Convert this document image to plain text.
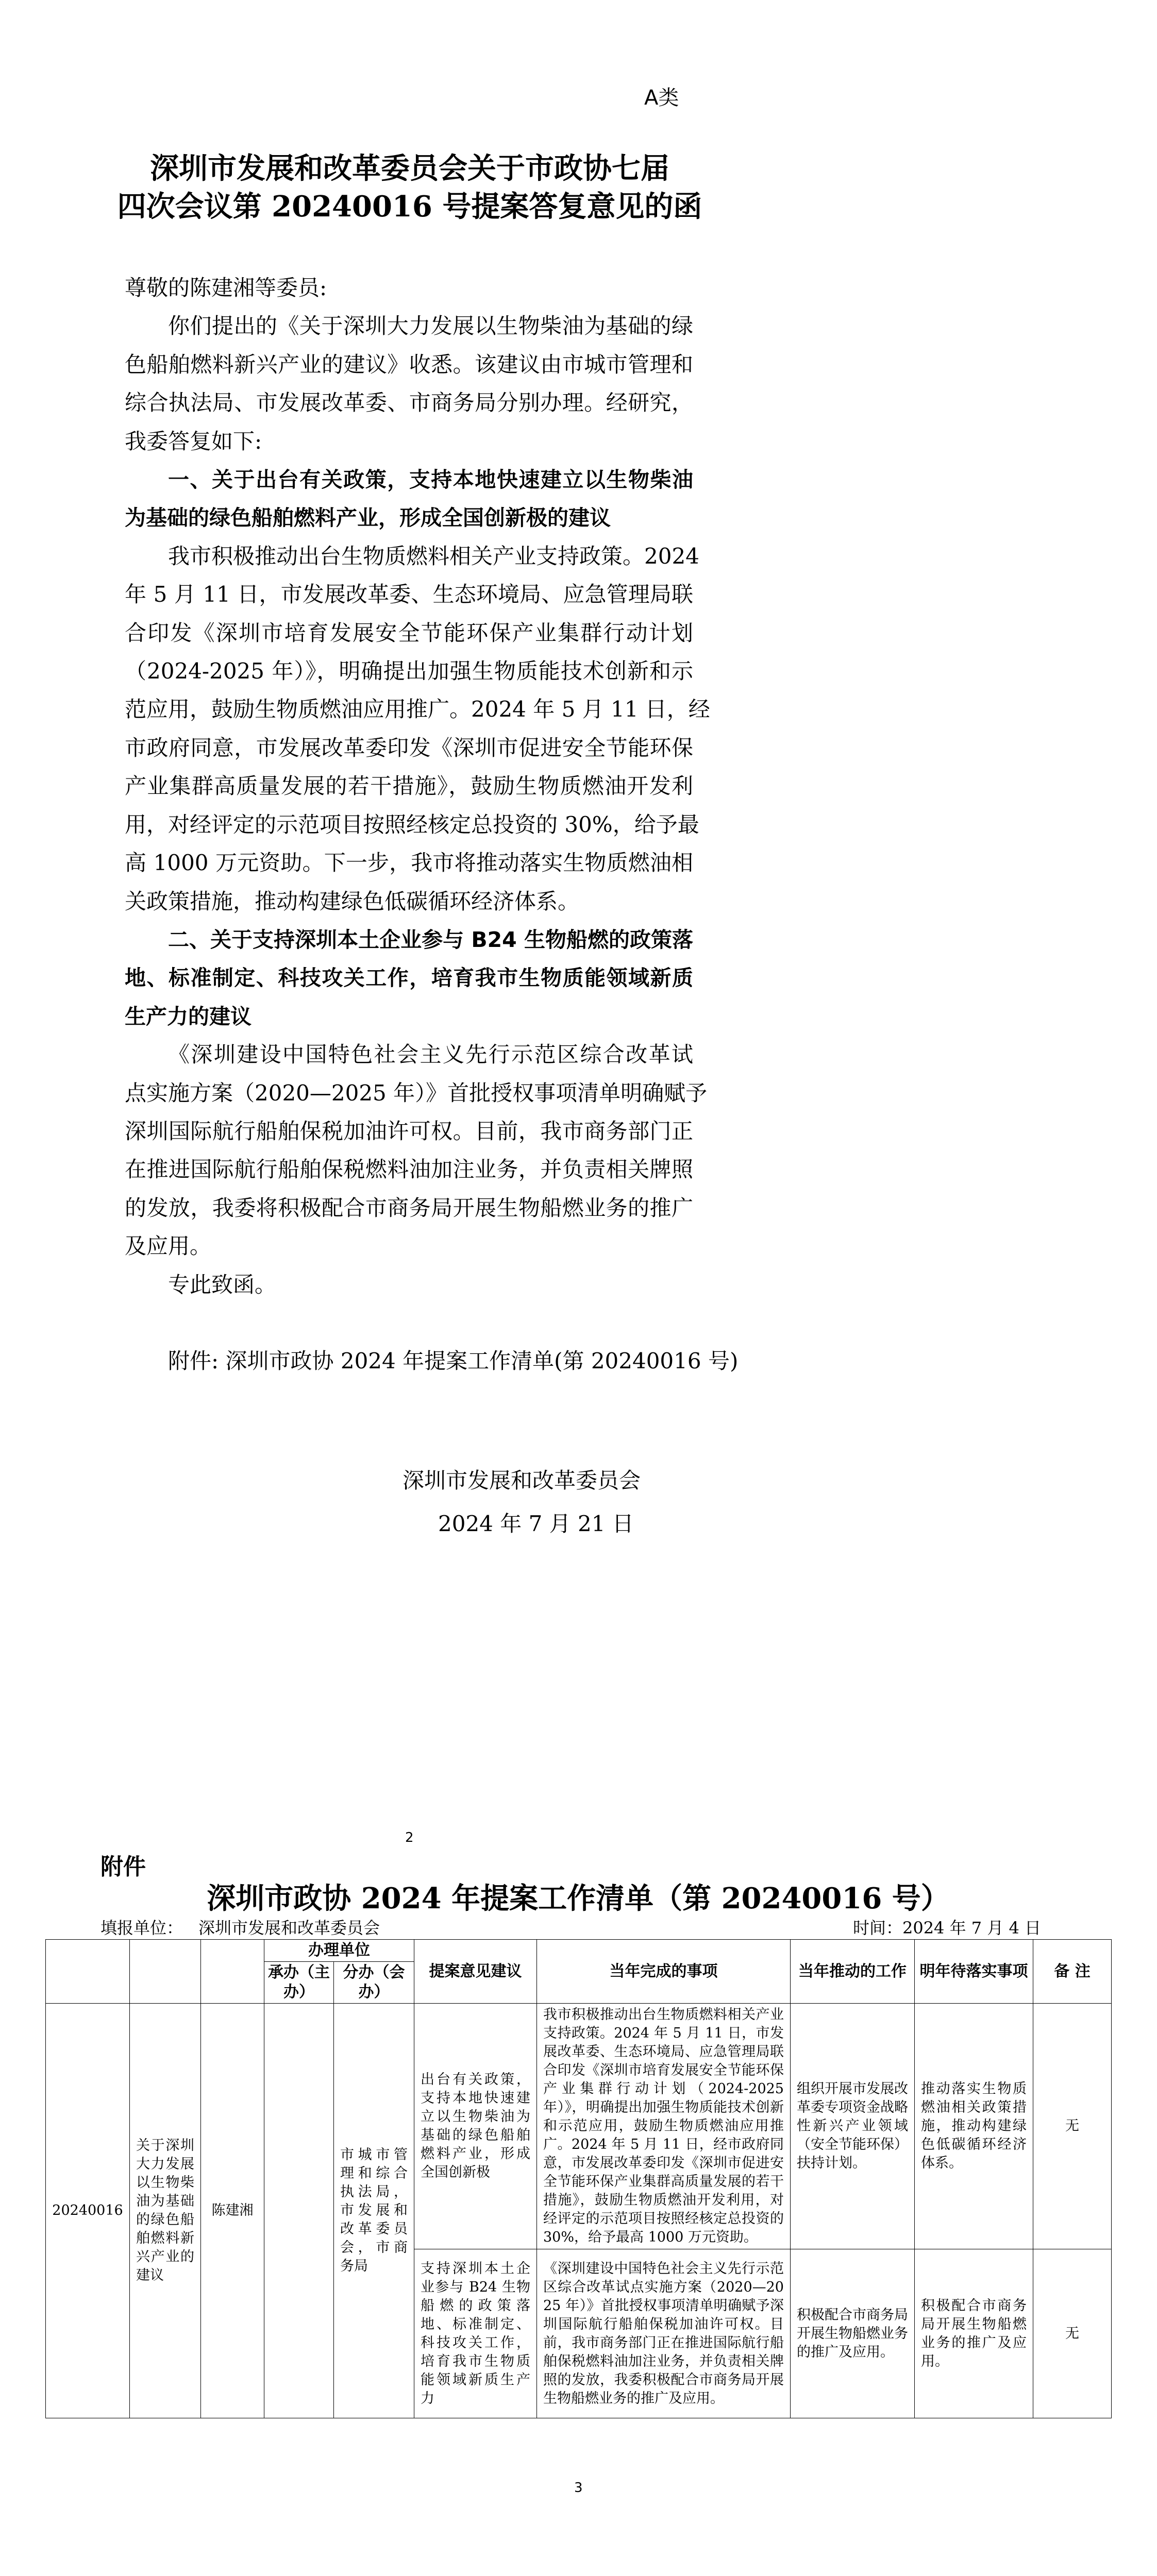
A类
深圳市发展和改革委员会关于市政协七届
四次会议第 20240016 号提案答复意见的函
尊敬的陈建湘等委员:
你们提出的《关于深圳大力发展以生物柴油为基础的绿
色船舶燃料新兴产业的建议》收悉。该建议由市城市管理和
综合执法局、市发展改革委、市商务局分别办理。经研究，
我委答复如下:
一、关于出台有关政策，支持本地快速建立以生物柴油
为基础的绿色船舶燃料产业，形成全国创新极的建议
我市积极推动出台生物质燃料相关产业支持政策。2024
年 5 月 11 日，市发展改革委、生态环境局、应急管理局联
合印发《深圳市培育发展安全节能环保产业集群行动计划
（2024-2025 年）》，明确提出加强生物质能技术创新和示
范应用，鼓励生物质燃油应用推广。2024 年 5 月 11 日，经
市政府同意，市发展改革委印发《深圳市促进安全节能环保
产业集群高质量发展的若干措施》，鼓励生物质燃油开发利
用，对经评定的示范项目按照经核定总投资的 30%，给予最
高 1000 万元资助。下一步，我市将推动落实生物质燃油相
关政策措施，推动构建绿色低碳循环经济体系。
二、关于支持深圳本土企业参与 B24 生物船燃的政策落
地、标准制定、科技攻关工作，培育我市生物质能领域新质
生产力的建议
《深圳建设中国特色社会主义先行示范区综合改革试
点实施方案（2020—2025 年）》首批授权事项清单明确赋予
深圳国际航行船舶保税加油许可权。目前，我市商务部门正
在推进国际航行船舶保税燃料油加注业务，并负责相关牌照
的发放，我委将积极配合市商务局开展生物船燃业务的推广
及应用。
专此致函。
附件: 深圳市政协 2024 年提案工作清单(第 20240016 号)
深圳市发展和改革委员会
2024 年 7 月 21 日
2
附件
深圳市政协 2024 年提案工作清单（第 20240016 号）
填报单位： 深圳市发展和改革委员会	时间：2024 年 7 月 4 日
			办理单位		提案意见建议	当年完成的事项	当年推动的工作	明年待落实事项	备 注
			承办（主办）	分办（会办）					
20240016	关于深圳大力发展以生物柴油为基础的绿色船舶燃料新兴产业的建议	陈建湘		市城市管理和综合执法局，市发展和改革委员会，市商务局	出台有关政策，支持本地快速建立以生物柴油为基础的绿色船舶燃料产业，形成全国创新极	我市积极推动出台生物质燃料相关产业支持政策。2024 年 5 月 11 日，市发展改革委、生态环境局、应急管理局联合印发《深圳市培育发展安全节能环保产业集群行动计划（2024-2025 年）》，明确提出加强生物质能技术创新和示范应用，鼓励生物质燃油应用推广。2024 年 5 月 11 日，经市政府同意，市发展改革委印发《深圳市促进安全节能环保产业集群高质量发展的若干措施》，鼓励生物质燃油开发利用，对经评定的示范项目按照经核定总投资的 30%，给予最高 1000 万元资助。	组织开展市发展改革委专项资金战略性新兴产业领域（安全节能环保）扶持计划。	推动落实生物质燃油相关政策措施，推动构建绿色低碳循环经济体系。	无
					支持深圳本土企业参与 B24 生物船燃的政策落地、标准制定、科技攻关工作，培育我市生物质能领域新质生产力	《深圳建设中国特色社会主义先行示范区综合改革试点实施方案（2020—2025 年）》首批授权事项清单明确赋予深圳国际航行船舶保税加油许可权。目前，我市商务部门正在推进国际航行船舶保税燃料油加注业务，并负责相关牌照的发放，我委积极配合市商务局开展生物船燃业务的推广及应用。	积极配合市商务局开展生物船燃业务的推广及应用。	积极配合市商务局开展生物船燃业务的推广及应用。	无
3
